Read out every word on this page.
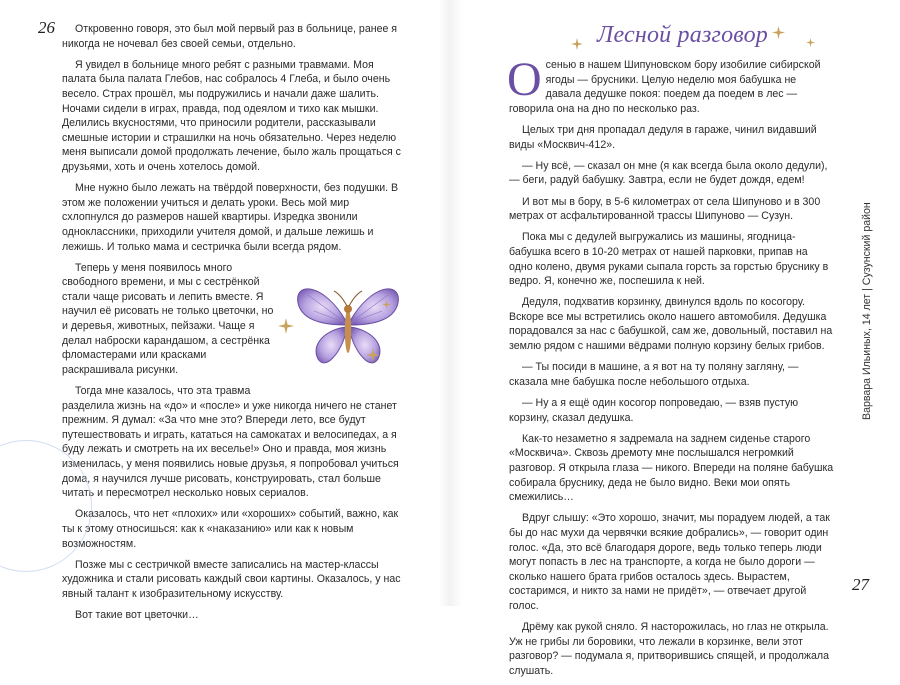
26
27

Откровенно говоря, это был мой первый раз в больнице, ранее я никогда не ночевал без своей семьи, отдельно.

Я увидел в больнице много ребят с разными травмами. Моя палата была палата Глебов, нас собралось 4 Глеба, и было очень весело. Страх прошёл, мы подружились и начали даже шалить. Ночами сидели в играх, правда, под одеялом и тихо как мышки. Делились вкусностями, что приносили родители, рассказывали смешные истории и страшилки на ночь обязательно. Через неделю меня выписали домой продолжать лечение, было жаль прощаться с друзьями, хоть и очень хотелось домой.

Мне нужно было лежать на твёрдой поверхности, без подушки. В этом же положении учиться и делать уроки. Весь мой мир схлопнулся до размеров нашей квартиры. Изредка звонили одноклассники, приходили учителя домой, и дальше лежишь и лежишь. И только мама и сестричка были всегда рядом.

Теперь у меня появилось много свободного времени, и мы с сестрёнкой стали чаще рисовать и лепить вместе. Я научил её рисовать не только цветочки, но и деревья, животных, пейзажи. Чаще я делал наброски карандашом, а сестрёнка фломастерами или красками раскрашивала рисунки.

Тогда мне казалось, что эта травма разделила жизнь на «до» и «после» и уже никогда ничего не станет прежним. Я думал: «За что мне это? Впереди лето, все будут путешествовать и играть, кататься на самокатах и велосипедах, а я буду лежать и смотреть на их веселье!» Оно и правда, моя жизнь изменилась, у меня появились новые друзья, я попробовал учиться дома, я научился лучше рисовать, конструировать, стал больше читать и пересмотрел несколько новых сериалов.

Оказалось, что нет «плохих» или «хороших» событий, важно, как ты к этому относишься: как к «наказанию» или как к новым возможностям.

Позже мы с сестричкой вместе записались на мастер-классы художника и стали рисовать каждый свои картины. Оказалось, у нас явный талант к изобразительному искусству.

Вот такие вот цветочки…

Лесной разговор

Осенью в нашем Шипуновском бору изобилие сибирской ягоды — брусники. Целую неделю моя бабушка не давала дедушке покоя: поедем да поедем в лес — говорила она на дно по несколько раз.

Целых три дня пропадал дедуля в гараже, чинил видавший виды «Москвич-412».

— Ну всё, — сказал он мне (я как всегда была около дедули), — беги, радуй бабушку. Завтра, если не будет дождя, едем!

И вот мы в бору, в 5-6 километрах от села Шипуново и в 300 метрах от асфальтированной трассы Шипуново — Сузун.

Пока мы с дедулей выгружались из машины, ягодница-бабушка всего в 10-20 метрах от нашей парковки, припав на одно колено, двумя руками сыпала горсть за горстью бруснику в ведро. Я, конечно же, поспешила к ней.

Дедуля, подхватив корзинку, двинулся вдоль по косогору. Вскоре все мы встретились около нашего автомобиля. Дедушка порадовался за нас с бабушкой, сам же, довольный, поставил на землю рядом с нашими вёдрами полную корзину белых грибов.

— Ты посиди в машине, а я вот на ту поляну загляну, — сказала мне бабушка после небольшого отдыха.

— Ну а я ещё один косогор попроведаю, — взяв пустую корзину, сказал дедушка.

Как-то незаметно я задремала на заднем сиденье старого «Москвича». Сквозь дремоту мне послышался негромкий разговор. Я открыла глаза — никого. Впереди на поляне бабушка собирала бруснику, деда не было видно. Веки мои опять смежились…

Вдруг слышу: «Это хорошо, значит, мы порадуем людей, а так бы до нас мухи да червячки всякие добрались», — говорит один голос. «Да, это всё благодаря дороге, ведь только теперь люди могут попасть в лес на транспорте, а когда не было дороги — сколько нашего брата грибов осталось здесь. Вырастем, состаримся, и никто за нами не придёт», — отвечает другой голос.

Дрёму как рукой сняло. Я насторожилась, но глаз не открыла. Уж не грибы ли боровики, что лежали в корзинке, вели этот разговор? — подумала я, притворившись спящей, и продолжала слушать.

Варвара Ильиных, 14 лет | Сузунский район
